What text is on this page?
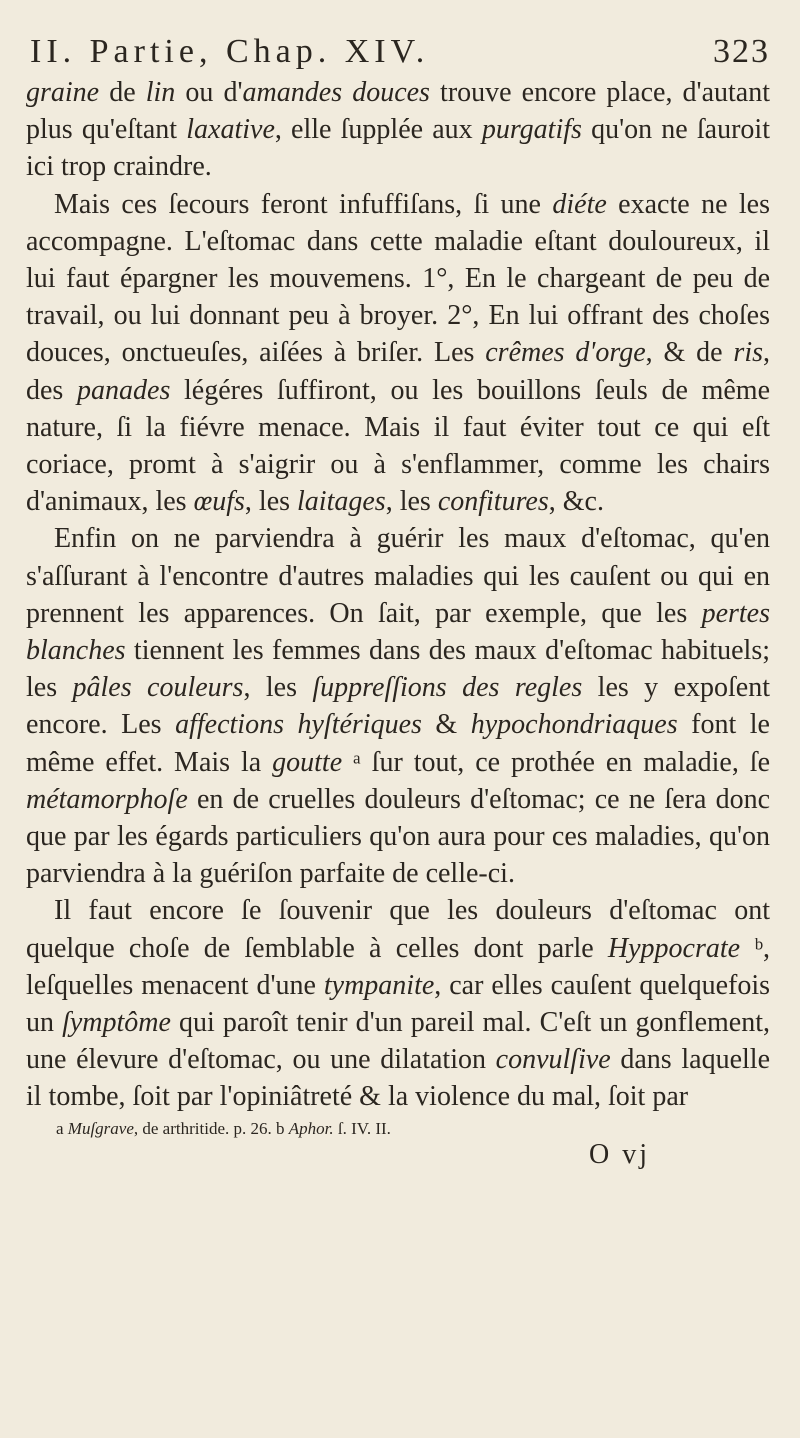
II. Partie, Chap. XIV.	323

graine de lin ou d'amandes douces trouve encore place, d'autant plus qu'eſtant laxative, elle ſupplée aux purgatifs qu'on ne ſauroit ici trop craindre.

Mais ces ſecours feront infuffiſans, ſi une diéte exacte ne les accompagne. L'eſtomac dans cette maladie eſtant douloureux, il lui faut épargner les mouvemens. 1°, En le chargeant de peu de travail, ou lui donnant peu à broyer. 2°, En lui offrant des choſes douces, onctueuſes, aiſées à briſer. Les crêmes d'orge, & de ris, des panades légéres ſuffiront, ou les bouillons ſeuls de même nature, ſi la fiévre menace. Mais il faut éviter tout ce qui eſt coriace, promt à s'aigrir ou à s'enflammer, comme les chairs d'animaux, les œufs, les laitages, les confitures, &c.

Enfin on ne parviendra à guérir les maux d'eſtomac, qu'en s'aſſurant à l'encontre d'autres maladies qui les cauſent ou qui en prennent les apparences. On ſait, par exemple, que les pertes blanches tiennent les femmes dans des maux d'eſtomac habituels; les pâles couleurs, les ſuppreſſions des regles les y expoſent encore. Les affections hyſtériques & hypochondriaques font le même effet. Mais la goutte ᵃ ſur tout, ce prothée en maladie, ſe métamorphoſe en de cruelles douleurs d'eſtomac; ce ne ſera donc que par les égards particuliers qu'on aura pour ces maladies, qu'on parviendra à la guériſon parfaite de celle-ci.

Il faut encore ſe ſouvenir que les douleurs d'eſtomac ont quelque choſe de ſemblable à celles dont parle Hyppocrate ᵇ, leſquelles menacent d'une tympanite, car elles cauſent quelquefois un ſymptôme qui paroît tenir d'un pareil mal. C'eſt un gonflement, une élevure d'eſtomac, ou une dilatation convulſive dans laquelle il tombe, ſoit par l'opiniâtreté & la violence du mal, ſoit par

a Muſgrave, de arthritide. p. 26. b Aphor. ſ. IV. II.
O vj
